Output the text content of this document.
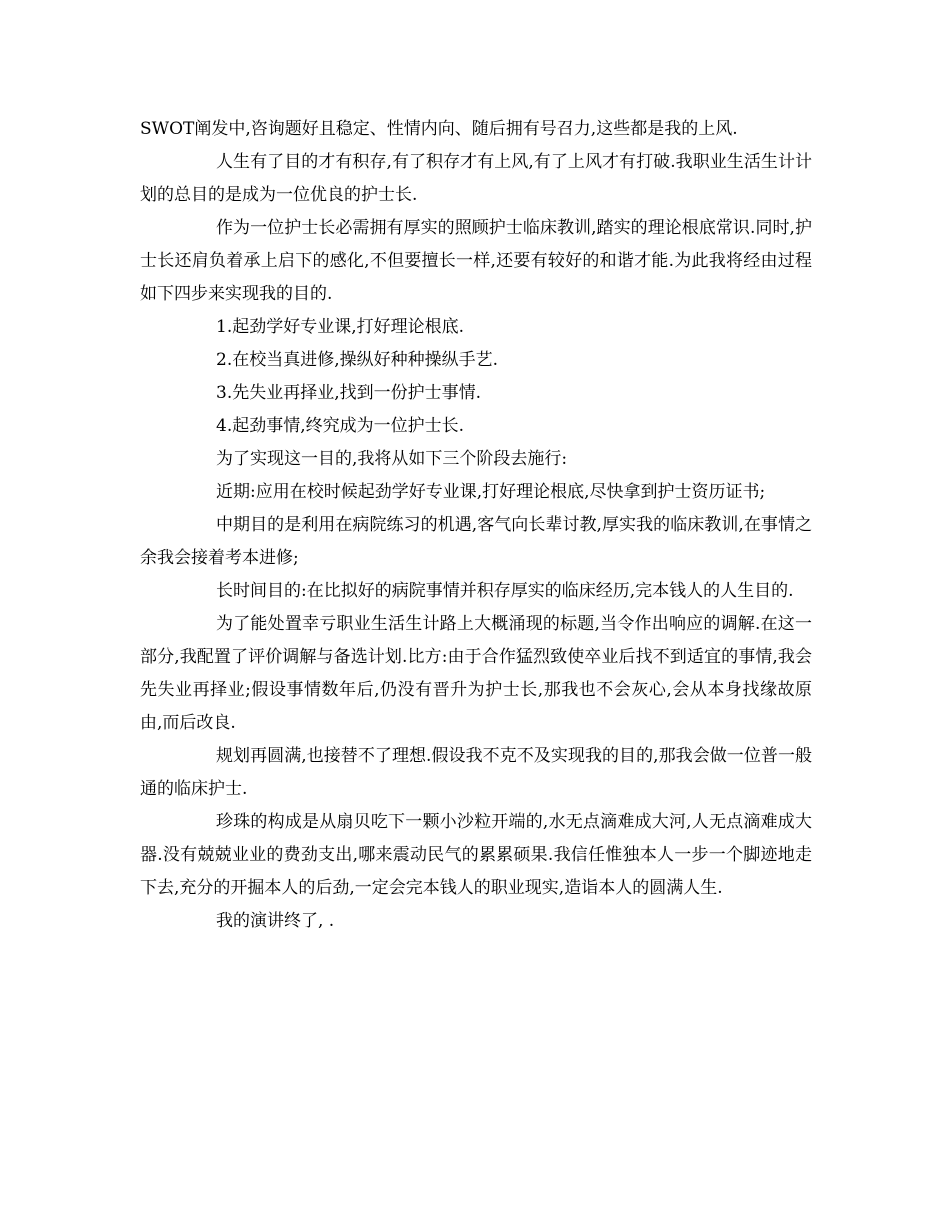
SWOT阐发中,咨询题好且稳定、性情内向、随后拥有号召力,这些都是我的上风.

人生有了目的才有积存,有了积存才有上风,有了上风才有打破.我职业生活生计计划的总目的是成为一位优良的护士长.

作为一位护士长必需拥有厚实的照顾护士临床教训,踏实的理论根底常识.同时,护士长还肩负着承上启下的感化,不但要擅长一样,还要有较好的和谐才能.为此我将经由过程如下四步来实现我的目的.

1.起劲学好专业课,打好理论根底.

2.在校当真进修,操纵好种种操纵手艺.

3.先失业再择业,找到一份护士事情.

4.起劲事情,终究成为一位护士长.

为了实现这一目的,我将从如下三个阶段去施行:

近期:应用在校时候起劲学好专业课,打好理论根底,尽快拿到护士资历证书;

中期目的是利用在病院练习的机遇,客气向长辈讨教,厚实我的临床教训,在事情之余我会接着考本进修;

长时间目的:在比拟好的病院事情并积存厚实的临床经历,完本钱人的人生目的.

为了能处置幸亏职业生活生计路上大概涌现的标题,当令作出响应的调解.在这一部分,我配置了评价调解与备选计划.比方:由于合作猛烈致使卒业后找不到适宜的事情,我会先失业再择业;假设事情数年后,仍没有晋升为护士长,那我也不会灰心,会从本身找缘故原由,而后改良.

规划再圆满,也接替不了理想.假设我不克不及实现我的目的,那我会做一位普一般通的临床护士.

珍珠的构成是从扇贝吃下一颗小沙粒开端的,水无点滴难成大河,人无点滴难成大器.没有兢兢业业的费劲支出,哪来震动民气的累累硕果.我信任惟独本人一步一个脚迹地走下去,充分的开掘本人的后劲,一定会完本钱人的职业现实,造诣本人的圆满人生.

我的演讲终了, .
